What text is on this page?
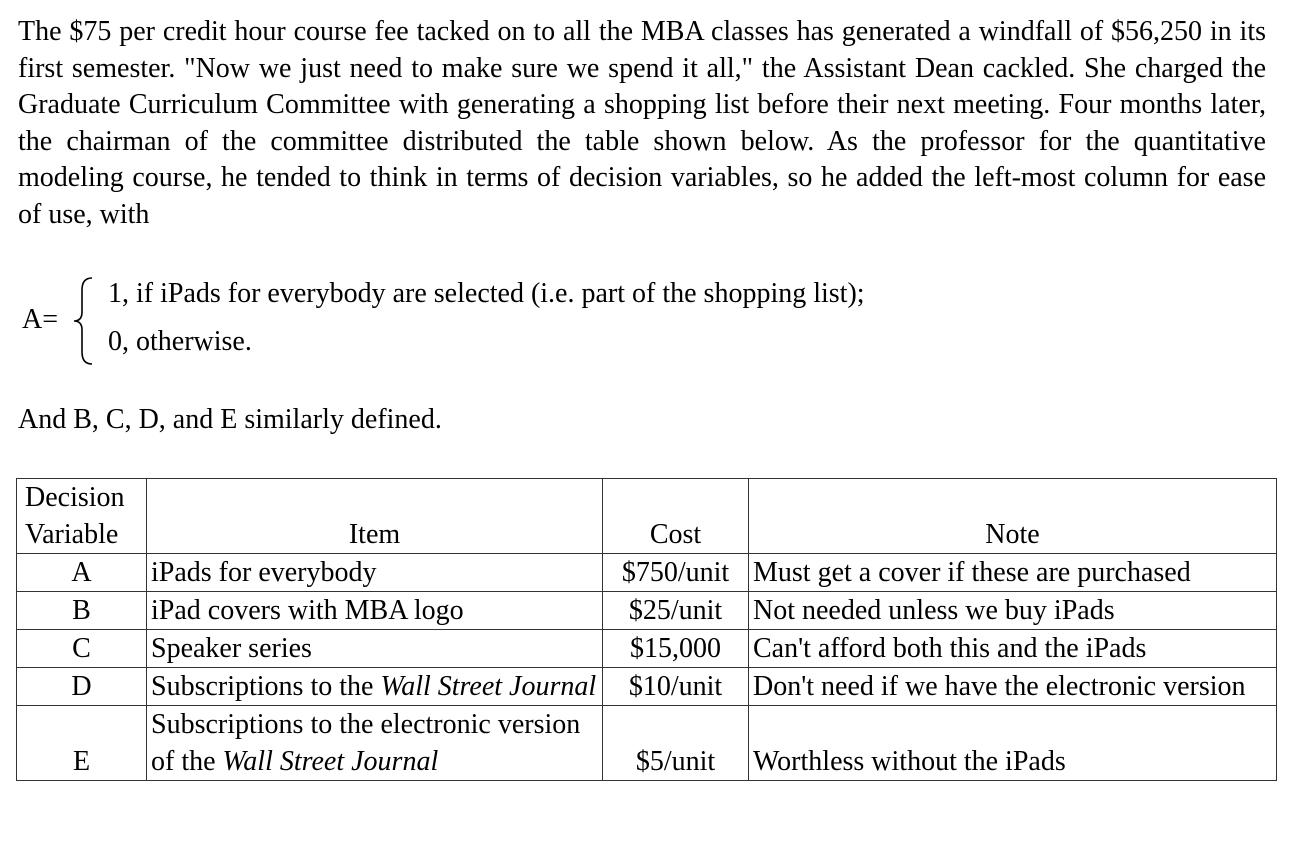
The $75 per credit hour course fee tacked on to all the MBA classes has generated a windfall of $56,250 in its first semester. "Now we just need to make sure we spend it all," the Assistant Dean cackled. She charged the Graduate Curriculum Committee with generating a shopping list before their next meeting. Four months later, the chairman of the committee distributed the table shown below. As the professor for the quantitative modeling course, he tended to think in terms of decision variables, so he added the left-most column for ease of use, with

A=
1, if iPads for everybody are selected (i.e. part of the shopping list);
0, otherwise.

And B, C, D, and E similarly defined.

Decision
Variable	Item	Cost	Note
A	iPads for everybody	$750/unit	Must get a cover if these are purchased
B	iPad covers with MBA logo	$25/unit	Not needed unless we buy iPads
C	Speaker series	$15,000	Can't afford both this and the iPads
D	Subscriptions to the Wall Street Journal	$10/unit	Don't need if we have the electronic version
E	Subscriptions to the electronic version of the Wall Street Journal	$5/unit	Worthless without the iPads
